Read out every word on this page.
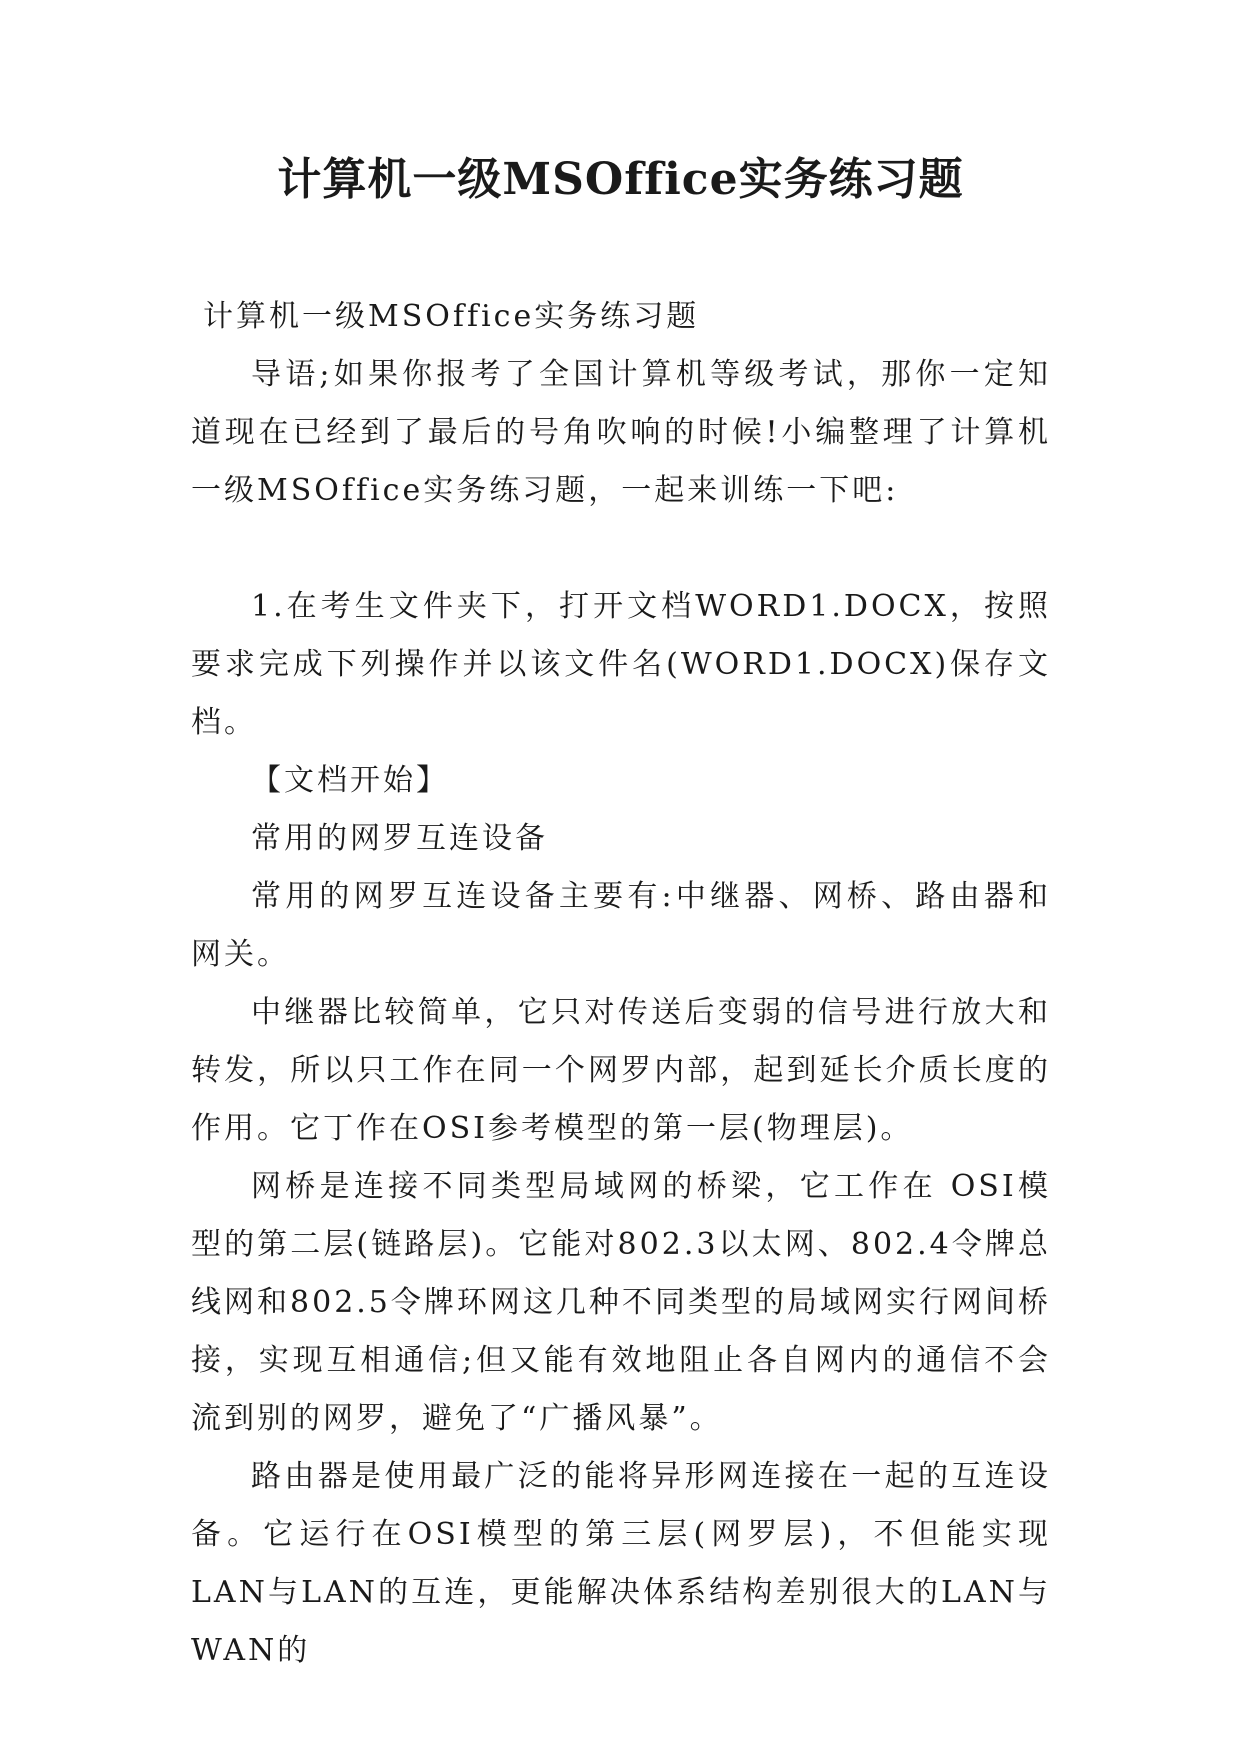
计算机一级MSOffice实务练习题

计算机一级MSOffice实务练习题

导语;如果你报考了全国计算机等级考试，那你一定知道现在已经到了最后的号角吹响的时候!小编整理了计算机一级MSOffice实务练习题，一起来训练一下吧:

1.在考生文件夹下，打开文档WORD1.DOCX，按照要求完成下列操作并以该文件名(WORD1.DOCX)保存文档。

【文档开始】

常用的网罗互连设备

常用的网罗互连设备主要有:中继器、网桥、路由器和网关。

中继器比较简单，它只对传送后变弱的信号进行放大和转发，所以只工作在同一个网罗内部，起到延长介质长度的作用。它丁作在OSI参考模型的第一层(物理层)。

网桥是连接不同类型局域网的桥梁，它工作在 OSI模型的第二层(链路层)。它能对802.3以太网、802.4令牌总线网和802.5令牌环网这几种不同类型的局域网实行网间桥接，实现互相通信;但又能有效地阻止各自网内的通信不会流到别的网罗，避免了“广播风暴”。

路由器是使用最广泛的能将异形网连接在一起的互连设备。它运行在OSI模型的第三层(网罗层)，不但能实现LAN与LAN的互连，更能解决体系结构差别很大的LAN与WAN的
